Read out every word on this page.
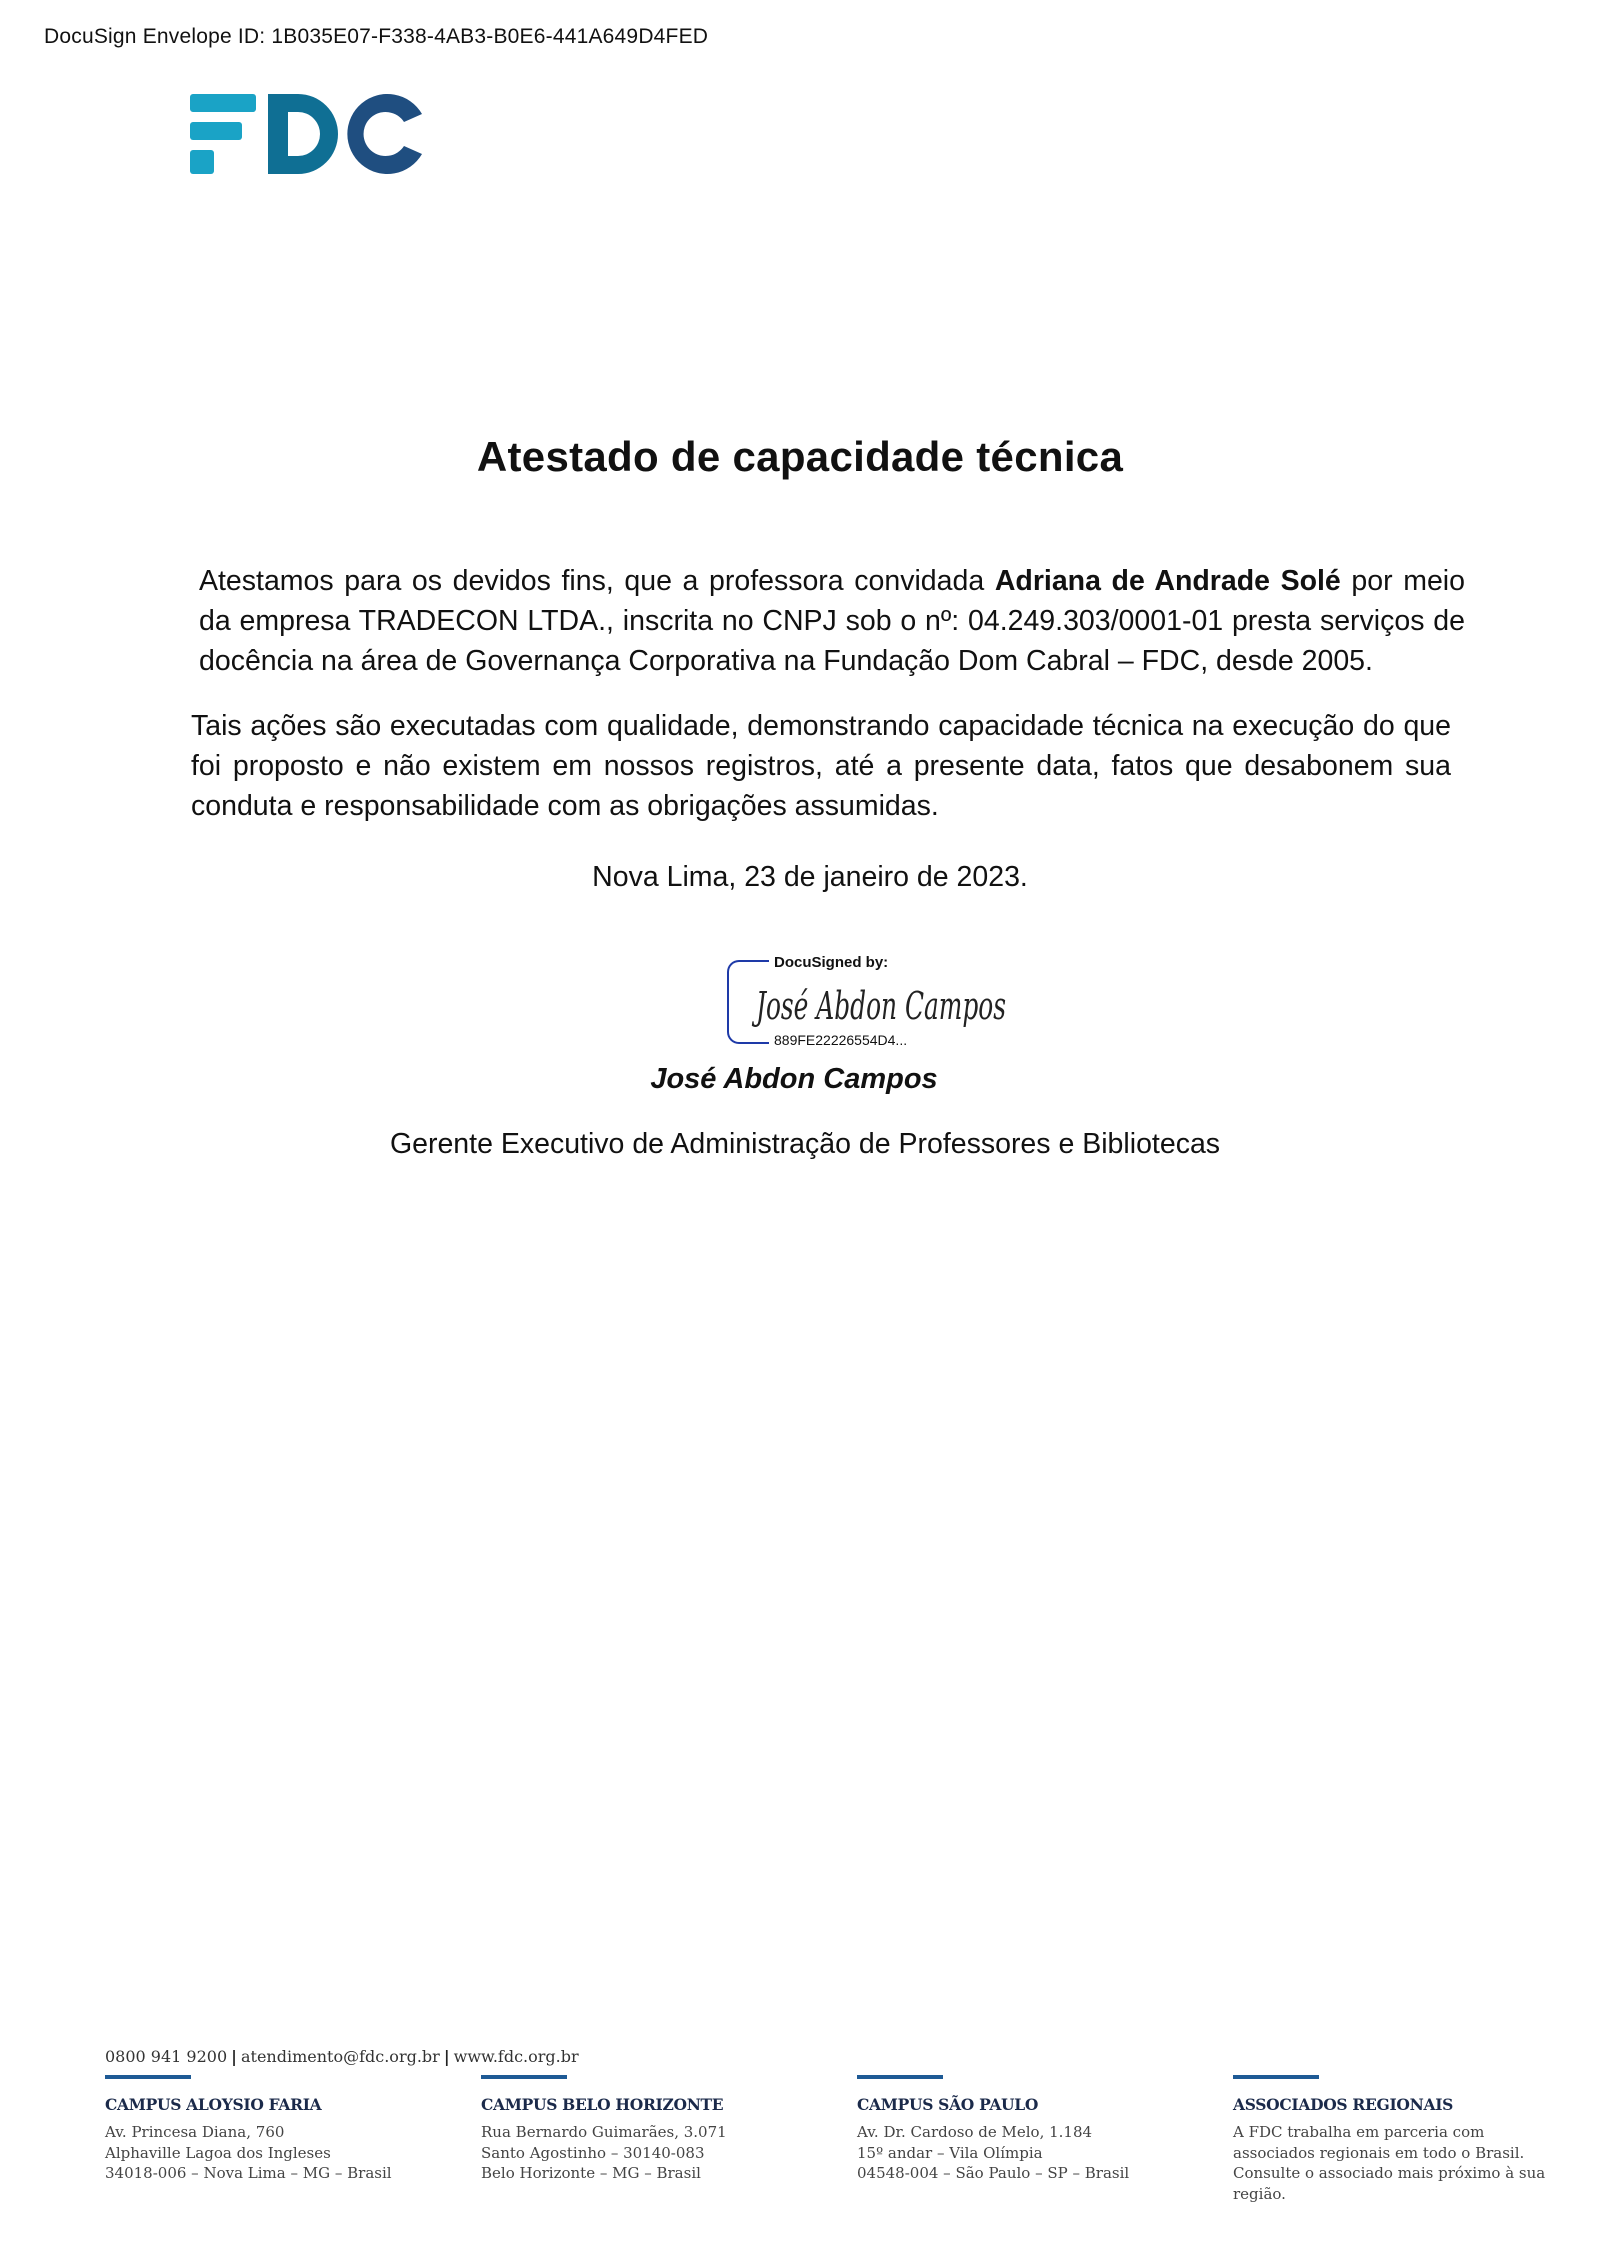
DocuSign Envelope ID: 1B035E07-F338-4AB3-B0E6-441A649D4FED
Atestado de capacidade técnica
Atestamos para os devidos fins, que a professora convidada Adriana de Andrade Solé por meio da empresa TRADECON LTDA., inscrita no CNPJ sob o nº: 04.249.303/0001-01 presta serviços de docência na área de Governança Corporativa na Fundação Dom Cabral – FDC, desde 2005.
Tais ações são executadas com qualidade, demonstrando capacidade técnica na execução do que foi proposto e não existem em nossos registros, até a presente data, fatos que desabonem sua conduta e responsabilidade com as obrigações assumidas.
Nova Lima, 23 de janeiro de 2023.
DocuSigned by:
José Abdon Campos
889FE22226554D4...
José Abdon Campos
Gerente Executivo de Administração de Professores e Bibliotecas
0800 941 9200 | atendimento@fdc.org.br | www.fdc.org.br
CAMPUS ALOYSIO FARIA
Av. Princesa Diana, 760
Alphaville Lagoa dos Ingleses
34018-006 – Nova Lima – MG – Brasil
CAMPUS BELO HORIZONTE
Rua Bernardo Guimarães, 3.071
Santo Agostinho – 30140-083
Belo Horizonte – MG – Brasil
CAMPUS SÃO PAULO
Av. Dr. Cardoso de Melo, 1.184
15º andar – Vila Olímpia
04548-004 – São Paulo – SP – Brasil
ASSOCIADOS REGIONAIS
A FDC trabalha em parceria com
associados regionais em todo o Brasil.
Consulte o associado mais próximo à sua
região.
